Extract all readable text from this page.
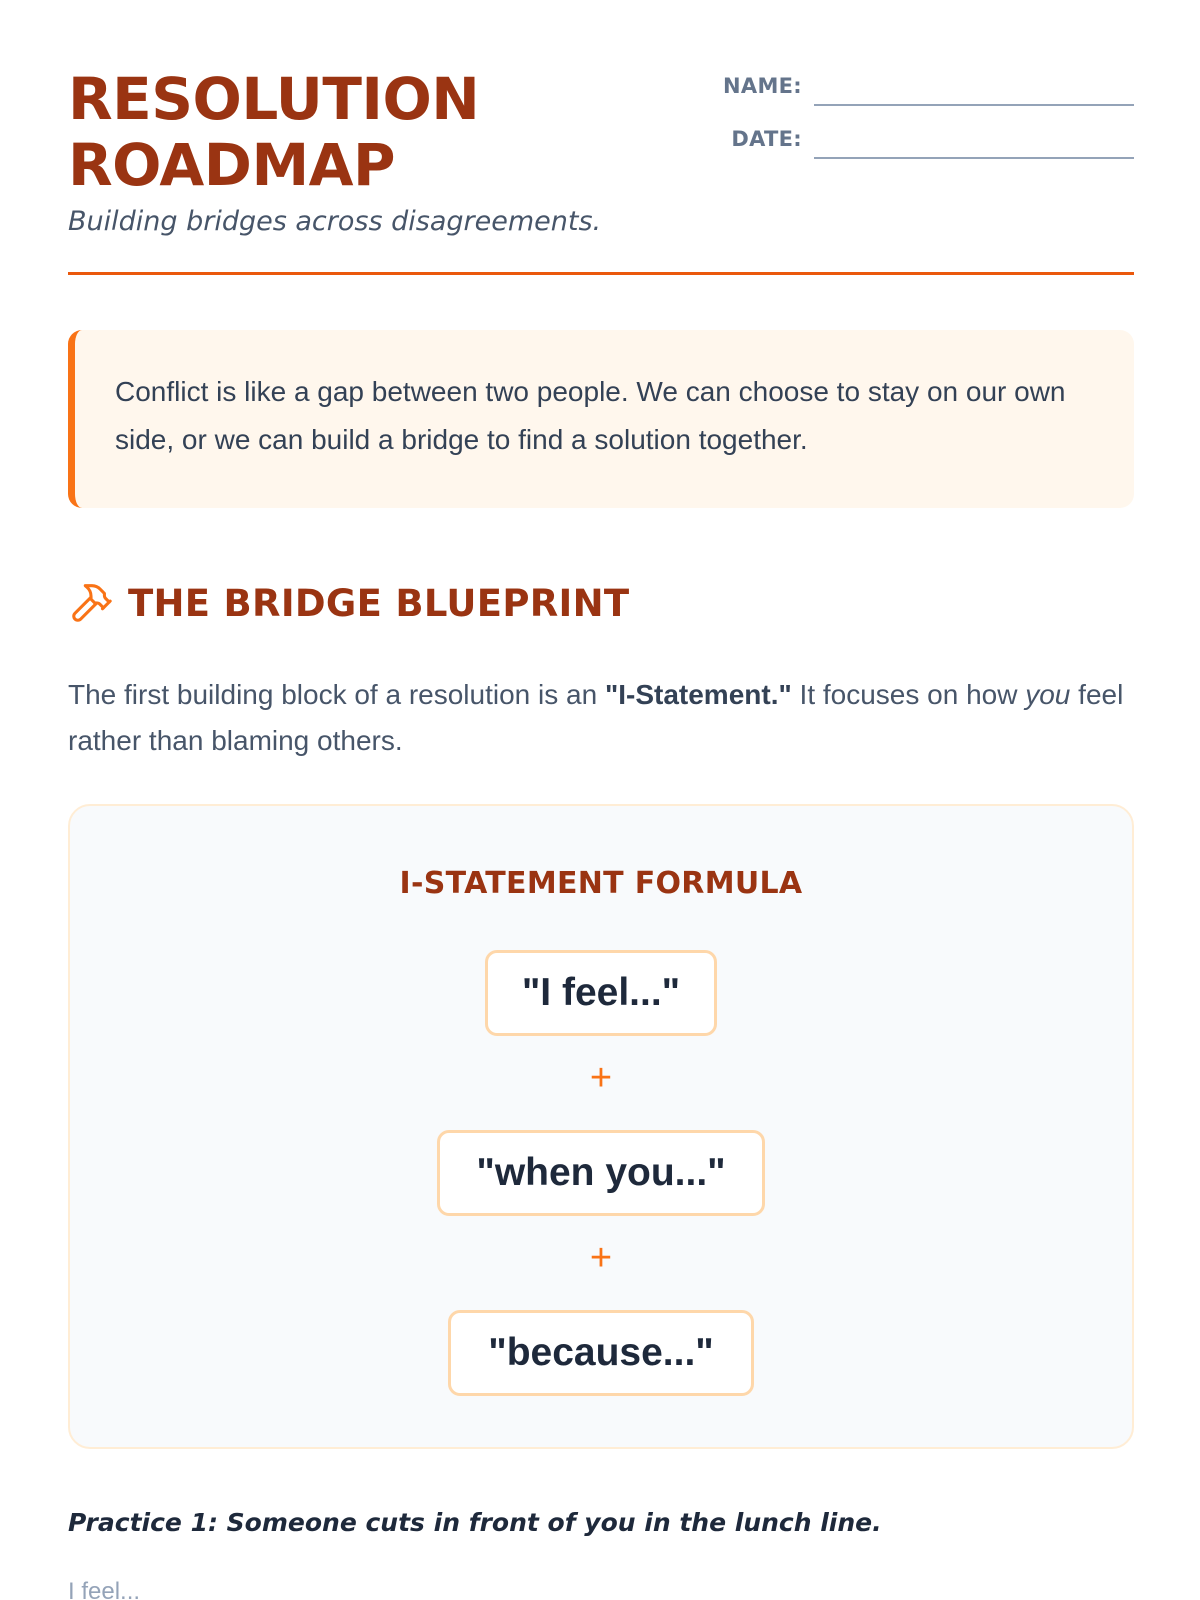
RESOLUTION
ROADMAP
Building bridges across disagreements.
NAME:
DATE:

Conflict is like a gap between two people. We can choose to stay on our own side, or we can build a bridge to find a solution together.

THE BRIDGE BLUEPRINT

The first building block of a resolution is an "I-Statement." It focuses on how you feel rather than blaming others.

I-STATEMENT FORMULA
"I feel..."
+
"when you..."
+
"because..."
Practice 1: Someone cuts in front of you in the lunch line.
I feel...
